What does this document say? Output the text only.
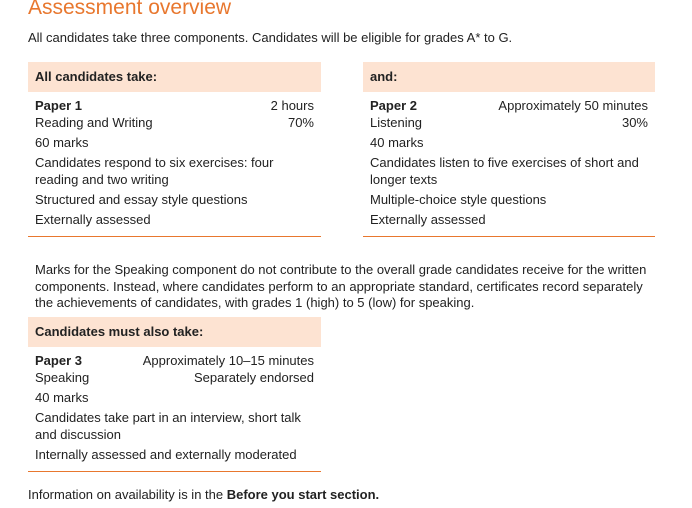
Assessment overview
All candidates take three components. Candidates will be eligible for grades A* to G.
All candidates take:
Paper 1	2 hours
Reading and Writing	70%

60 marks

Candidates respond to six exercises: four reading and two writing

Structured and essay style questions

Externally assessed

and:
Paper 2	Approximately 50 minutes
Listening	30%

40 marks

Candidates listen to five exercises of short and longer texts

Multiple-choice style questions

Externally assessed

Marks for the Speaking component do not contribute to the overall grade candidates receive for the written components. Instead, where candidates perform to an appropriate standard, certificates record separately the achievements of candidates, with grades 1 (high) to 5 (low) for speaking.

Candidates must also take:
Paper 3	Approximately 10–15 minutes
Speaking	Separately endorsed

40 marks

Candidates take part in an interview, short talk and discussion

Internally assessed and externally moderated

Information on availability is in the Before you start section.
